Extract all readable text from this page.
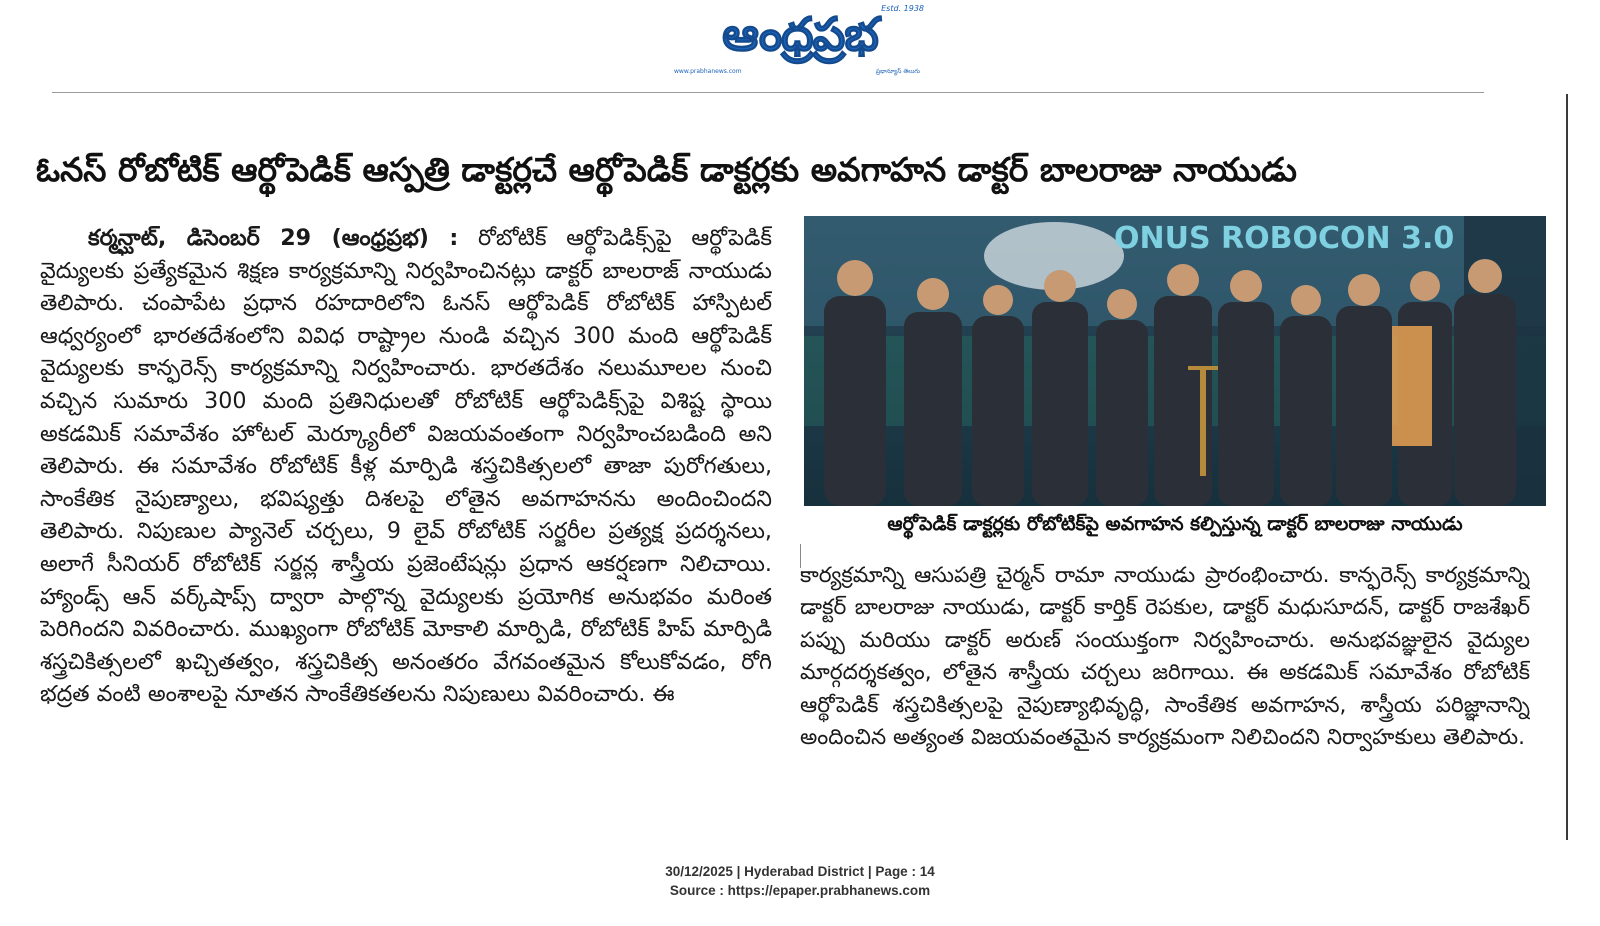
Estd. 1938
ఆంధ్రప్రభ
www.prabhanews.com	ప్రభాన్యూస్ తెలుగు
ఓనస్ రోబోటిక్ ఆర్థోపెడిక్ ఆస్పత్రి డాక్టర్లచే ఆర్థోపెడిక్ డాక్టర్లకు అవగాహన డాక్టర్ బాలరాజు నాయుడు
కర్మన్ఘాట్, డిసెంబర్ 29 (ఆంధ్రప్రభ) : రోబోటిక్ ఆర్థోపెడిక్స్‌పై ఆర్థోపెడిక్ వైద్యులకు ప్రత్యేకమైన శిక్షణ కార్యక్రమాన్ని నిర్వహించినట్లు డాక్టర్ బాలరాజ్ నాయుడు తెలిపారు. చంపాపేట ప్రధాన రహదారిలోని ఓనస్ ఆర్థోపెడిక్ రోబోటిక్ హాస్పిటల్ ఆధ్వర్యంలో భారతదేశంలోని వివిధ రాష్ట్రాల నుండి వచ్చిన 300 మంది ఆర్థోపెడిక్ వైద్యులకు కాన్ఫరెన్స్ కార్యక్రమాన్ని నిర్వహించారు. భారతదేశం నలుమూలల నుంచి వచ్చిన సుమారు 300 మంది ప్రతినిధులతో రోబోటిక్ ఆర్థోపెడిక్స్‌పై విశిష్ట స్థాయి అకడమిక్ సమావేశం హోటల్ మెర్క్యూరీలో విజయవంతంగా నిర్వహించబడింది అని తెలిపారు. ఈ సమావేశం రోబోటిక్ కీళ్ల మార్పిడి శస్త్రచికిత్సలలో తాజా పురోగతులు, సాంకేతిక నైపుణ్యాలు, భవిష్యత్తు దిశలపై లోతైన అవగాహనను అందించిందని తెలిపారు. నిపుణుల ప్యానెల్ చర్చలు, 9 లైవ్ రోబోటిక్ సర్జరీల ప్రత్యక్ష ప్రదర్శనలు, అలాగే సీనియర్ రోబోటిక్ సర్జన్ల శాస్త్రీయ ప్రజెంటేషన్లు ప్రధాన ఆకర్షణగా నిలిచాయి. హ్యాండ్స్ ఆన్ వర్క్‌షాప్స్ ద్వారా పాల్గొన్న వైద్యులకు ప్రయోగిక అనుభవం మరింత పెరిగిందని వివరించారు. ముఖ్యంగా రోబోటిక్ మోకాలి మార్పిడి, రోబోటిక్ హిప్ మార్పిడి శస్త్రచికిత్సలలో ఖచ్చితత్వం, శస్త్రచికిత్స అనంతరం వేగవంతమైన కోలుకోవడం, రోగి భద్రత వంటి అంశాలపై నూతన సాంకేతికతలను నిపుణులు వివరించారు. ఈ
ONUS ROBOCON 3.0
ఆర్థోపెడిక్ డాక్టర్లకు రోబోటిక్‌పై అవగాహన కల్పిస్తున్న డాక్టర్ బాలరాజు నాయుడు
కార్యక్రమాన్ని ఆసుపత్రి చైర్మన్ రామా నాయుడు ప్రారంభించారు. కాన్ఫరెన్స్ కార్యక్రమాన్ని డాక్టర్ బాలరాజు నాయుడు, డాక్టర్ కార్తిక్ రెపకుల, డాక్టర్ మధుసూదన్, డాక్టర్ రాజశేఖర్ పప్పు మరియు డాక్టర్ అరుణ్ సంయుక్తంగా నిర్వహించారు. అనుభవజ్ఞులైన వైద్యుల మార్గదర్శకత్వం, లోతైన శాస్త్రీయ చర్చలు జరిగాయి. ఈ అకడమిక్ సమావేశం రోబోటిక్ ఆర్థోపెడిక్ శస్త్రచికిత్సలపై నైపుణ్యాభివృద్ధి, సాంకేతిక అవగాహన, శాస్త్రీయ పరిజ్ఞానాన్ని అందించిన అత్యంత విజయవంతమైన కార్యక్రమంగా నిలిచిందని నిర్వాహకులు తెలిపారు.
30/12/2025 | Hyderabad District | Page : 14
Source : https://epaper.prabhanews.com
